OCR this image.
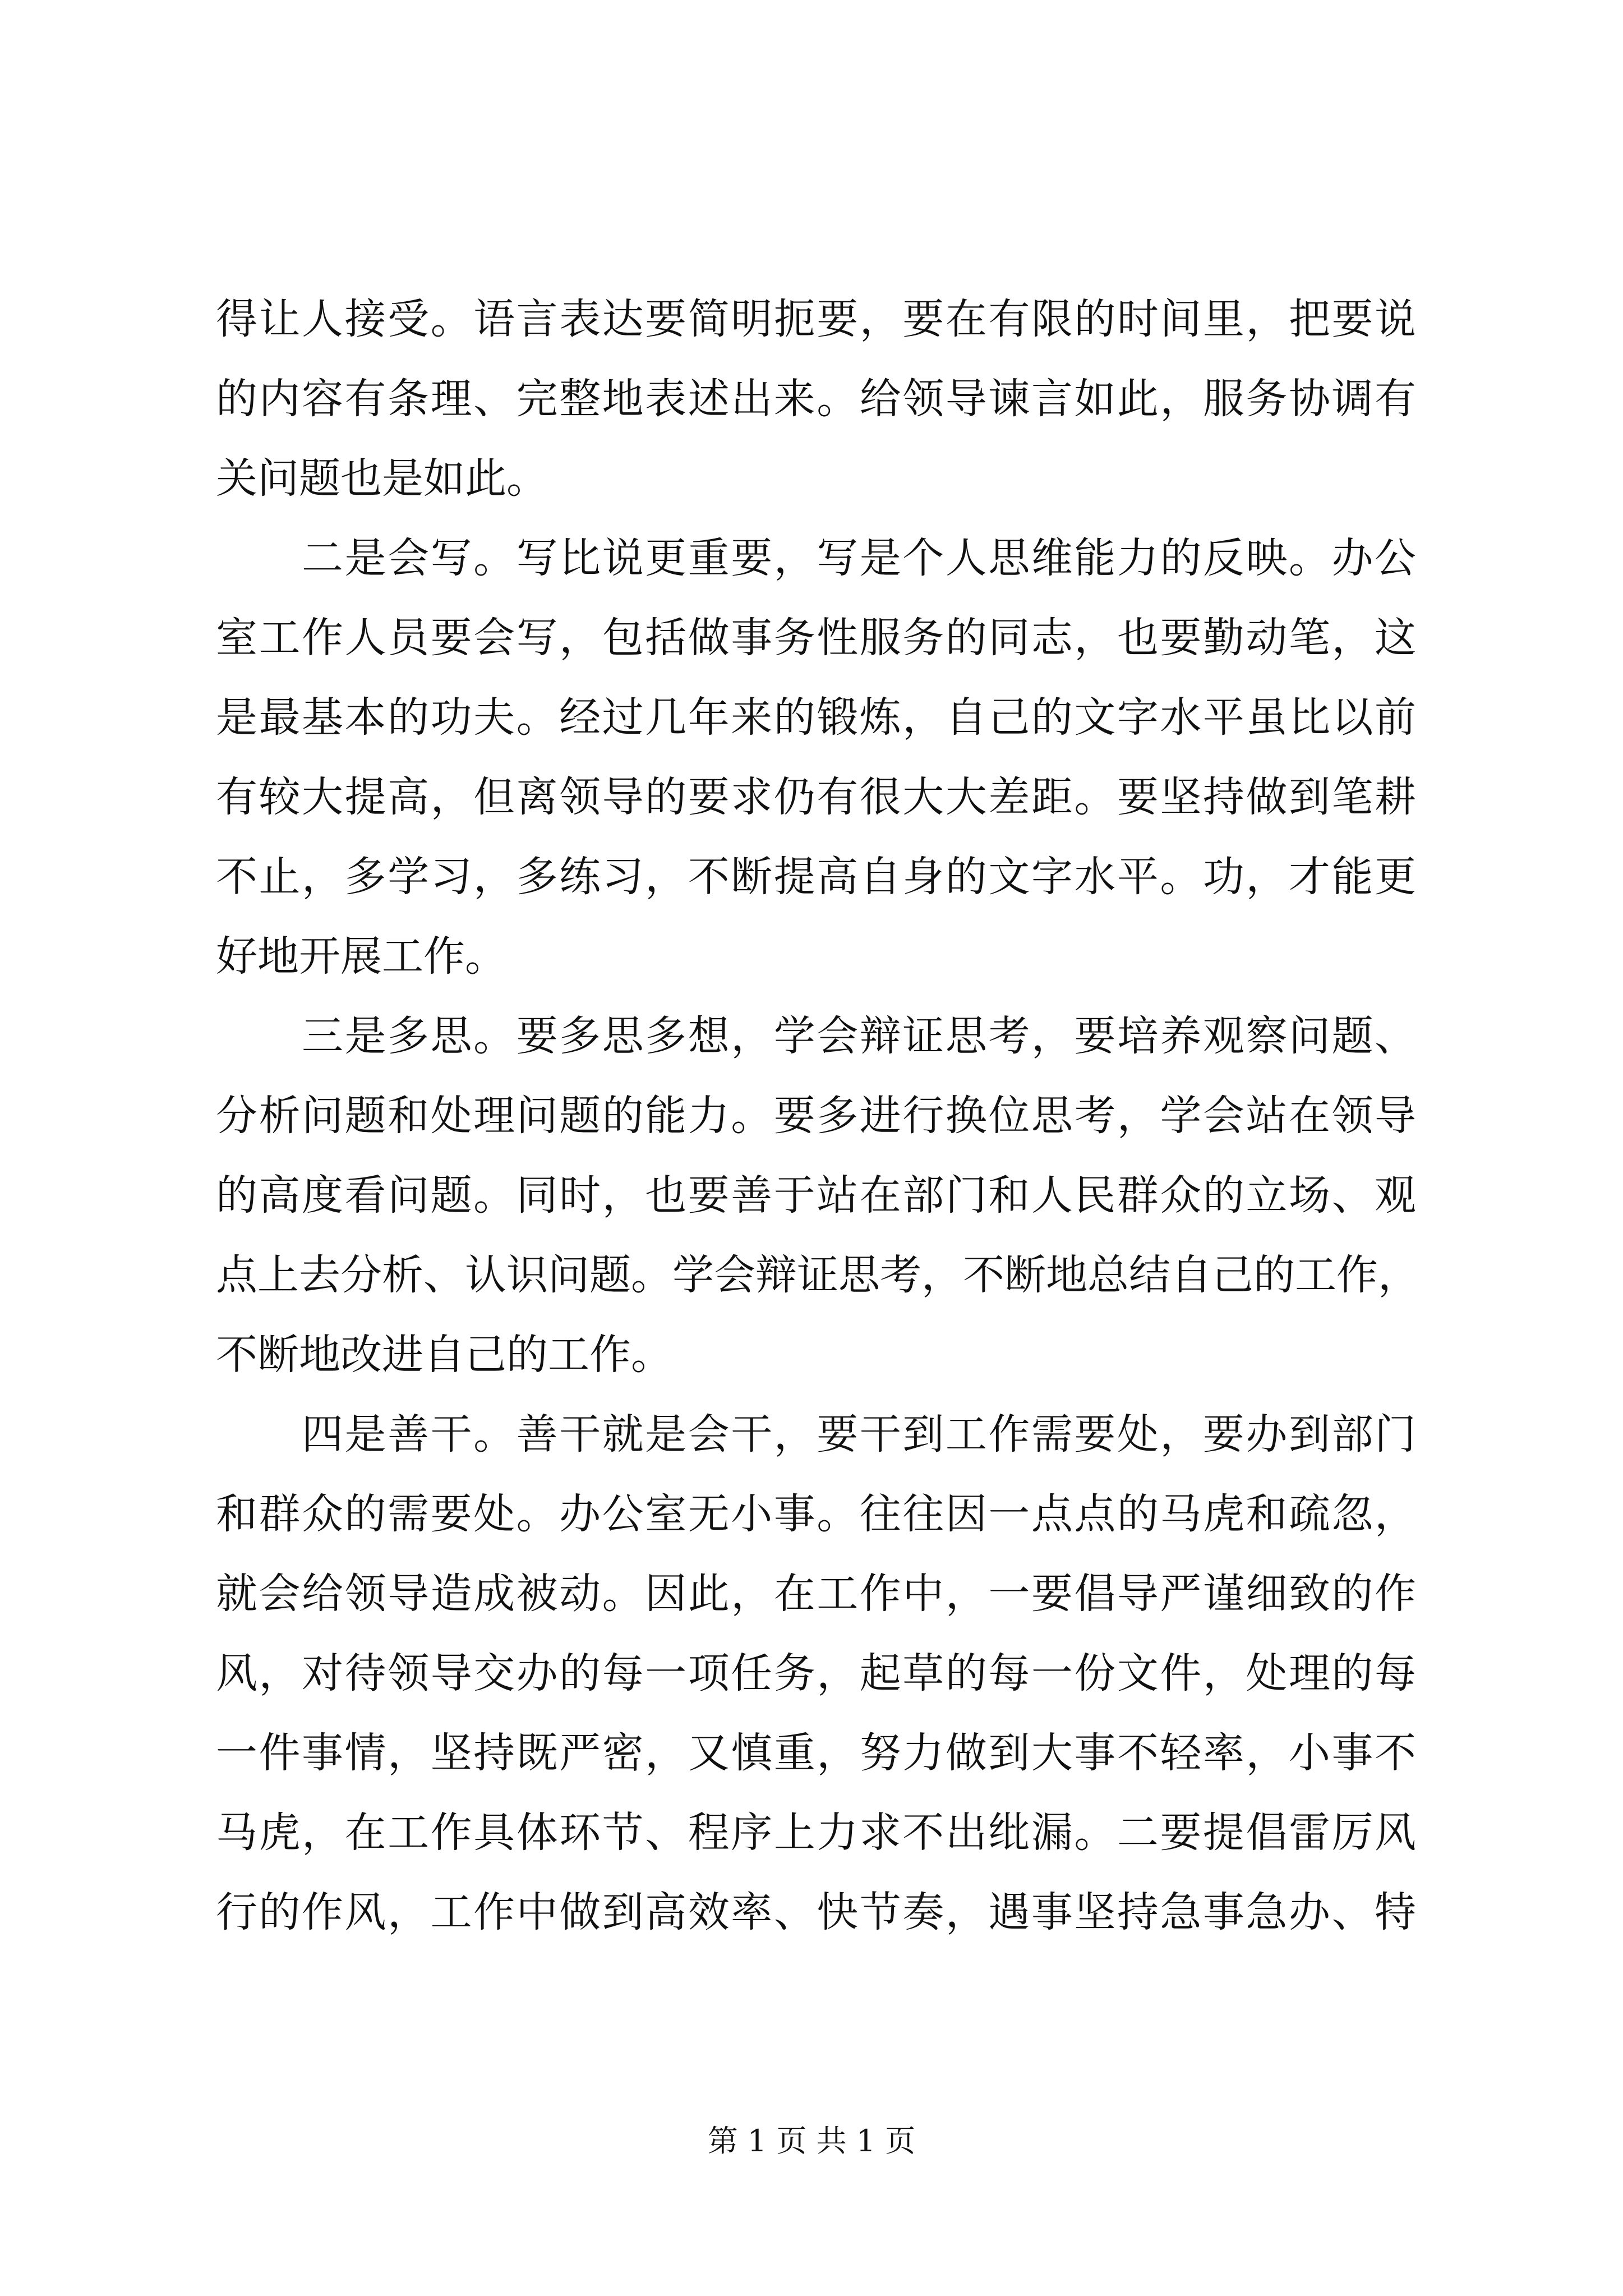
得让人接受。语言表达要简明扼要，要在有限的时间里，把要说
的内容有条理、完整地表述出来。给领导谏言如此，服务协调有
关问题也是如此。
　　二是会写。写比说更重要，写是个人思维能力的反映。办公
室工作人员要会写，包括做事务性服务的同志，也要勤动笔，这
是最基本的功夫。经过几年来的锻炼，自己的文字水平虽比以前
有较大提高，但离领导的要求仍有很大大差距。要坚持做到笔耕
不止，多学习，多练习，不断提高自身的文字水平。功，才能更
好地开展工作。
　　三是多思。要多思多想，学会辩证思考，要培养观察问题、
分析问题和处理问题的能力。要多进行换位思考，学会站在领导
的高度看问题。同时，也要善于站在部门和人民群众的立场、观
点上去分析、认识问题。学会辩证思考，不断地总结自己的工作，
不断地改进自己的工作。
　　四是善干。善干就是会干，要干到工作需要处，要办到部门
和群众的需要处。办公室无小事。往往因一点点的马虎和疏忽，
就会给领导造成被动。因此，在工作中，一要倡导严谨细致的作
风，对待领导交办的每一项任务，起草的每一份文件，处理的每
一件事情，坚持既严密，又慎重，努力做到大事不轻率，小事不
马虎，在工作具体环节、程序上力求不出纰漏。二要提倡雷厉风
行的作风，工作中做到高效率、快节奏，遇事坚持急事急办、特
第 1 页 共 1 页
